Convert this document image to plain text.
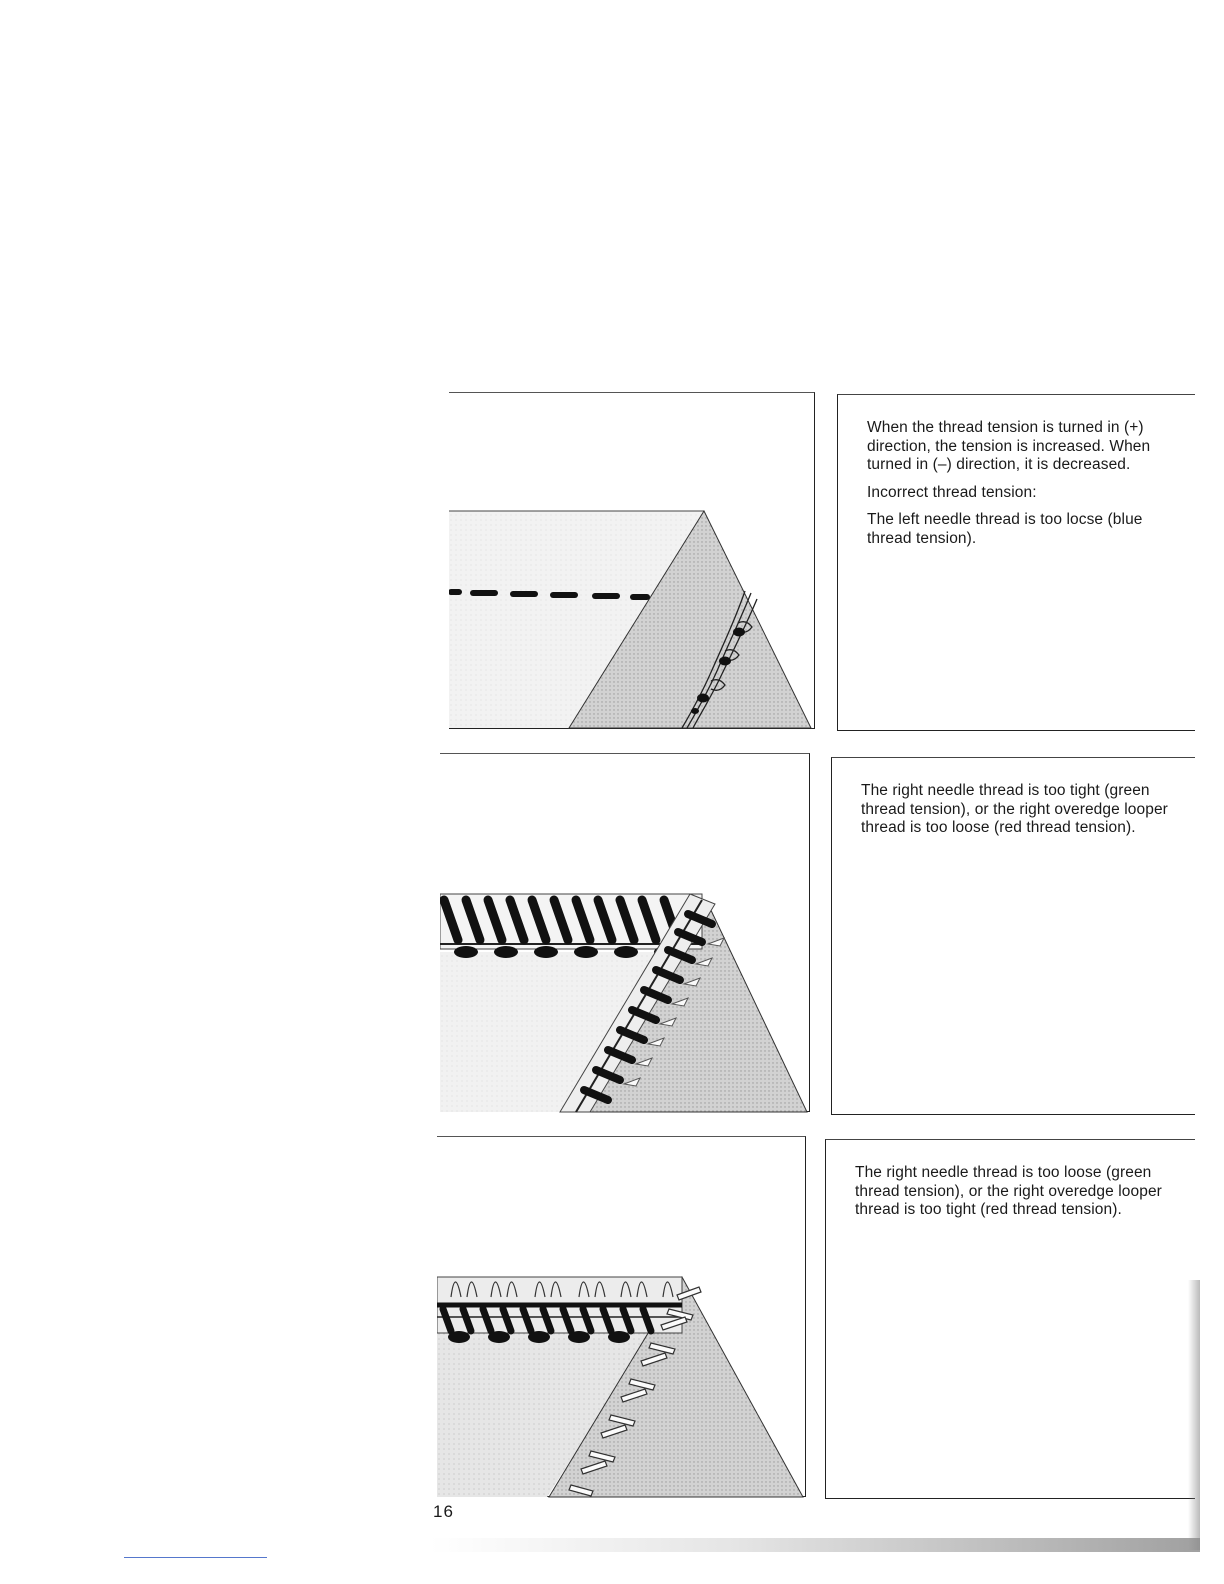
When the thread tension is turned in (+) direction, the tension is increased. When turned in (–) direction, it is decreased.

Incorrect thread tension:

The left needle thread is too locse (blue thread tension).

The right needle thread is too tight (green thread tension), or the right overedge looper thread is too loose (red thread tension).

The right needle thread is too loose (green thread tension), or the right overedge looper thread is too tight (red thread tension).

16
